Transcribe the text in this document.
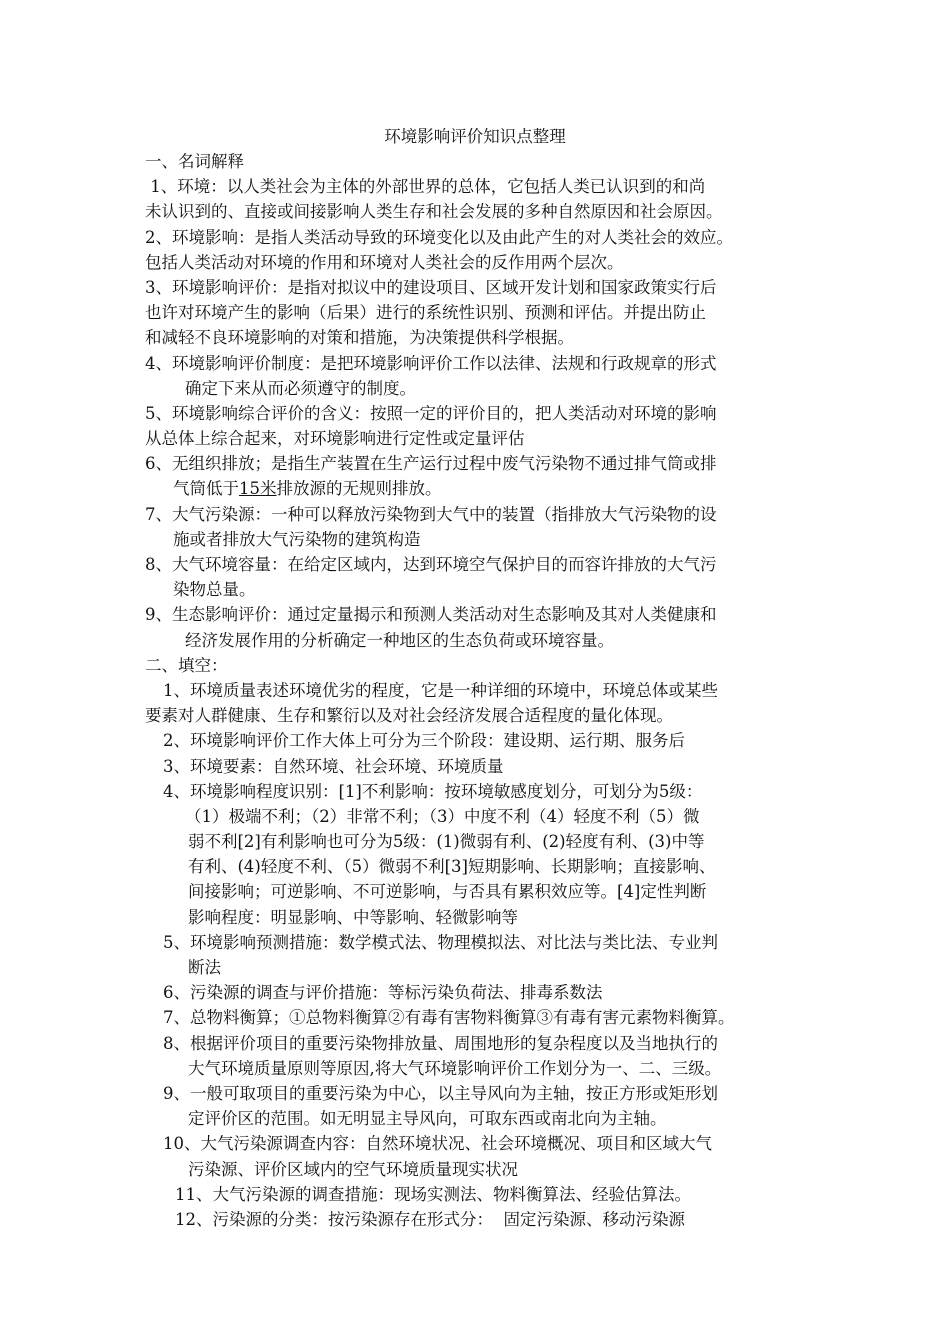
环境影响评价知识点整理
一、名词解释
1、环境：以人类社会为主体的外部世界的总体，它包括人类已认识到的和尚
未认识到的、直接或间接影响人类生存和社会发展的多种自然原因和社会原因。
2、环境影响：是指人类活动导致的环境变化以及由此产生的对人类社会的效应。
包括人类活动对环境的作用和环境对人类社会的反作用两个层次。
3、环境影响评价：是指对拟议中的建设项目、区域开发计划和国家政策实行后
也许对环境产生的影响（后果）进行的系统性识别、预测和评估。并提出防止
和减轻不良环境影响的对策和措施，为决策提供科学根据。
4、环境影响评价制度：是把环境影响评价工作以法律、法规和行政规章的形式
确定下来从而必须遵守的制度。
5、环境影响综合评价的含义：按照一定的评价目的，把人类活动对环境的影响
从总体上综合起来，对环境影响进行定性或定量评估
6、无组织排放；是指生产装置在生产运行过程中废气污染物不通过排气筒或排
气筒低于15米排放源的无规则排放。
7、大气污染源：一种可以释放污染物到大气中的装置（指排放大气污染物的设
施或者排放大气污染物的建筑构造
8、大气环境容量：在给定区域内，达到环境空气保护目的而容许排放的大气污
染物总量。
9、生态影响评价：通过定量揭示和预测人类活动对生态影响及其对人类健康和
经济发展作用的分析确定一种地区的生态负荷或环境容量。
二、填空：
1、环境质量表述环境优劣的程度，它是一种详细的环境中，环境总体或某些
要素对人群健康、生存和繁衍以及对社会经济发展合适程度的量化体现。
2、环境影响评价工作大体上可分为三个阶段：建设期、运行期、服务后
3、环境要素：自然环境、社会环境、环境质量
4、环境影响程度识别：[1]不利影响：按环境敏感度划分，可划分为5级：
（1）极端不利；（2）非常不利；（3）中度不利（4）轻度不利（5）微
弱不利[2]有利影响也可分为5级：(1)微弱有利、(2)轻度有利、(3)中等
有利、(4)轻度不利、（5）微弱不利[3]短期影响、长期影响；直接影响、
间接影响；可逆影响、不可逆影响，与否具有累积效应等。[4]定性判断
影响程度：明显影响、中等影响、轻微影响等
5、环境影响预测措施：数学模式法、物理模拟法、对比法与类比法、专业判
断法
6、污染源的调查与评价措施：等标污染负荷法、排毒系数法
7、总物料衡算；①总物料衡算②有毒有害物料衡算③有毒有害元素物料衡算。
8、根据评价项目的重要污染物排放量、周围地形的复杂程度以及当地执行的
大气环境质量原则等原因,将大气环境影响评价工作划分为一、二、三级。
9、一般可取项目的重要污染为中心，以主导风向为主轴，按正方形或矩形划
定评价区的范围。如无明显主导风向，可取东西或南北向为主轴。
10、大气污染源调查内容：自然环境状况、社会环境概况、项目和区域大气
污染源、评价区域内的空气环境质量现实状况
11、大气污染源的调查措施：现场实测法、物料衡算法、经验估算法。
12、污染源的分类：按污染源存在形式分：  固定污染源、移动污染源
